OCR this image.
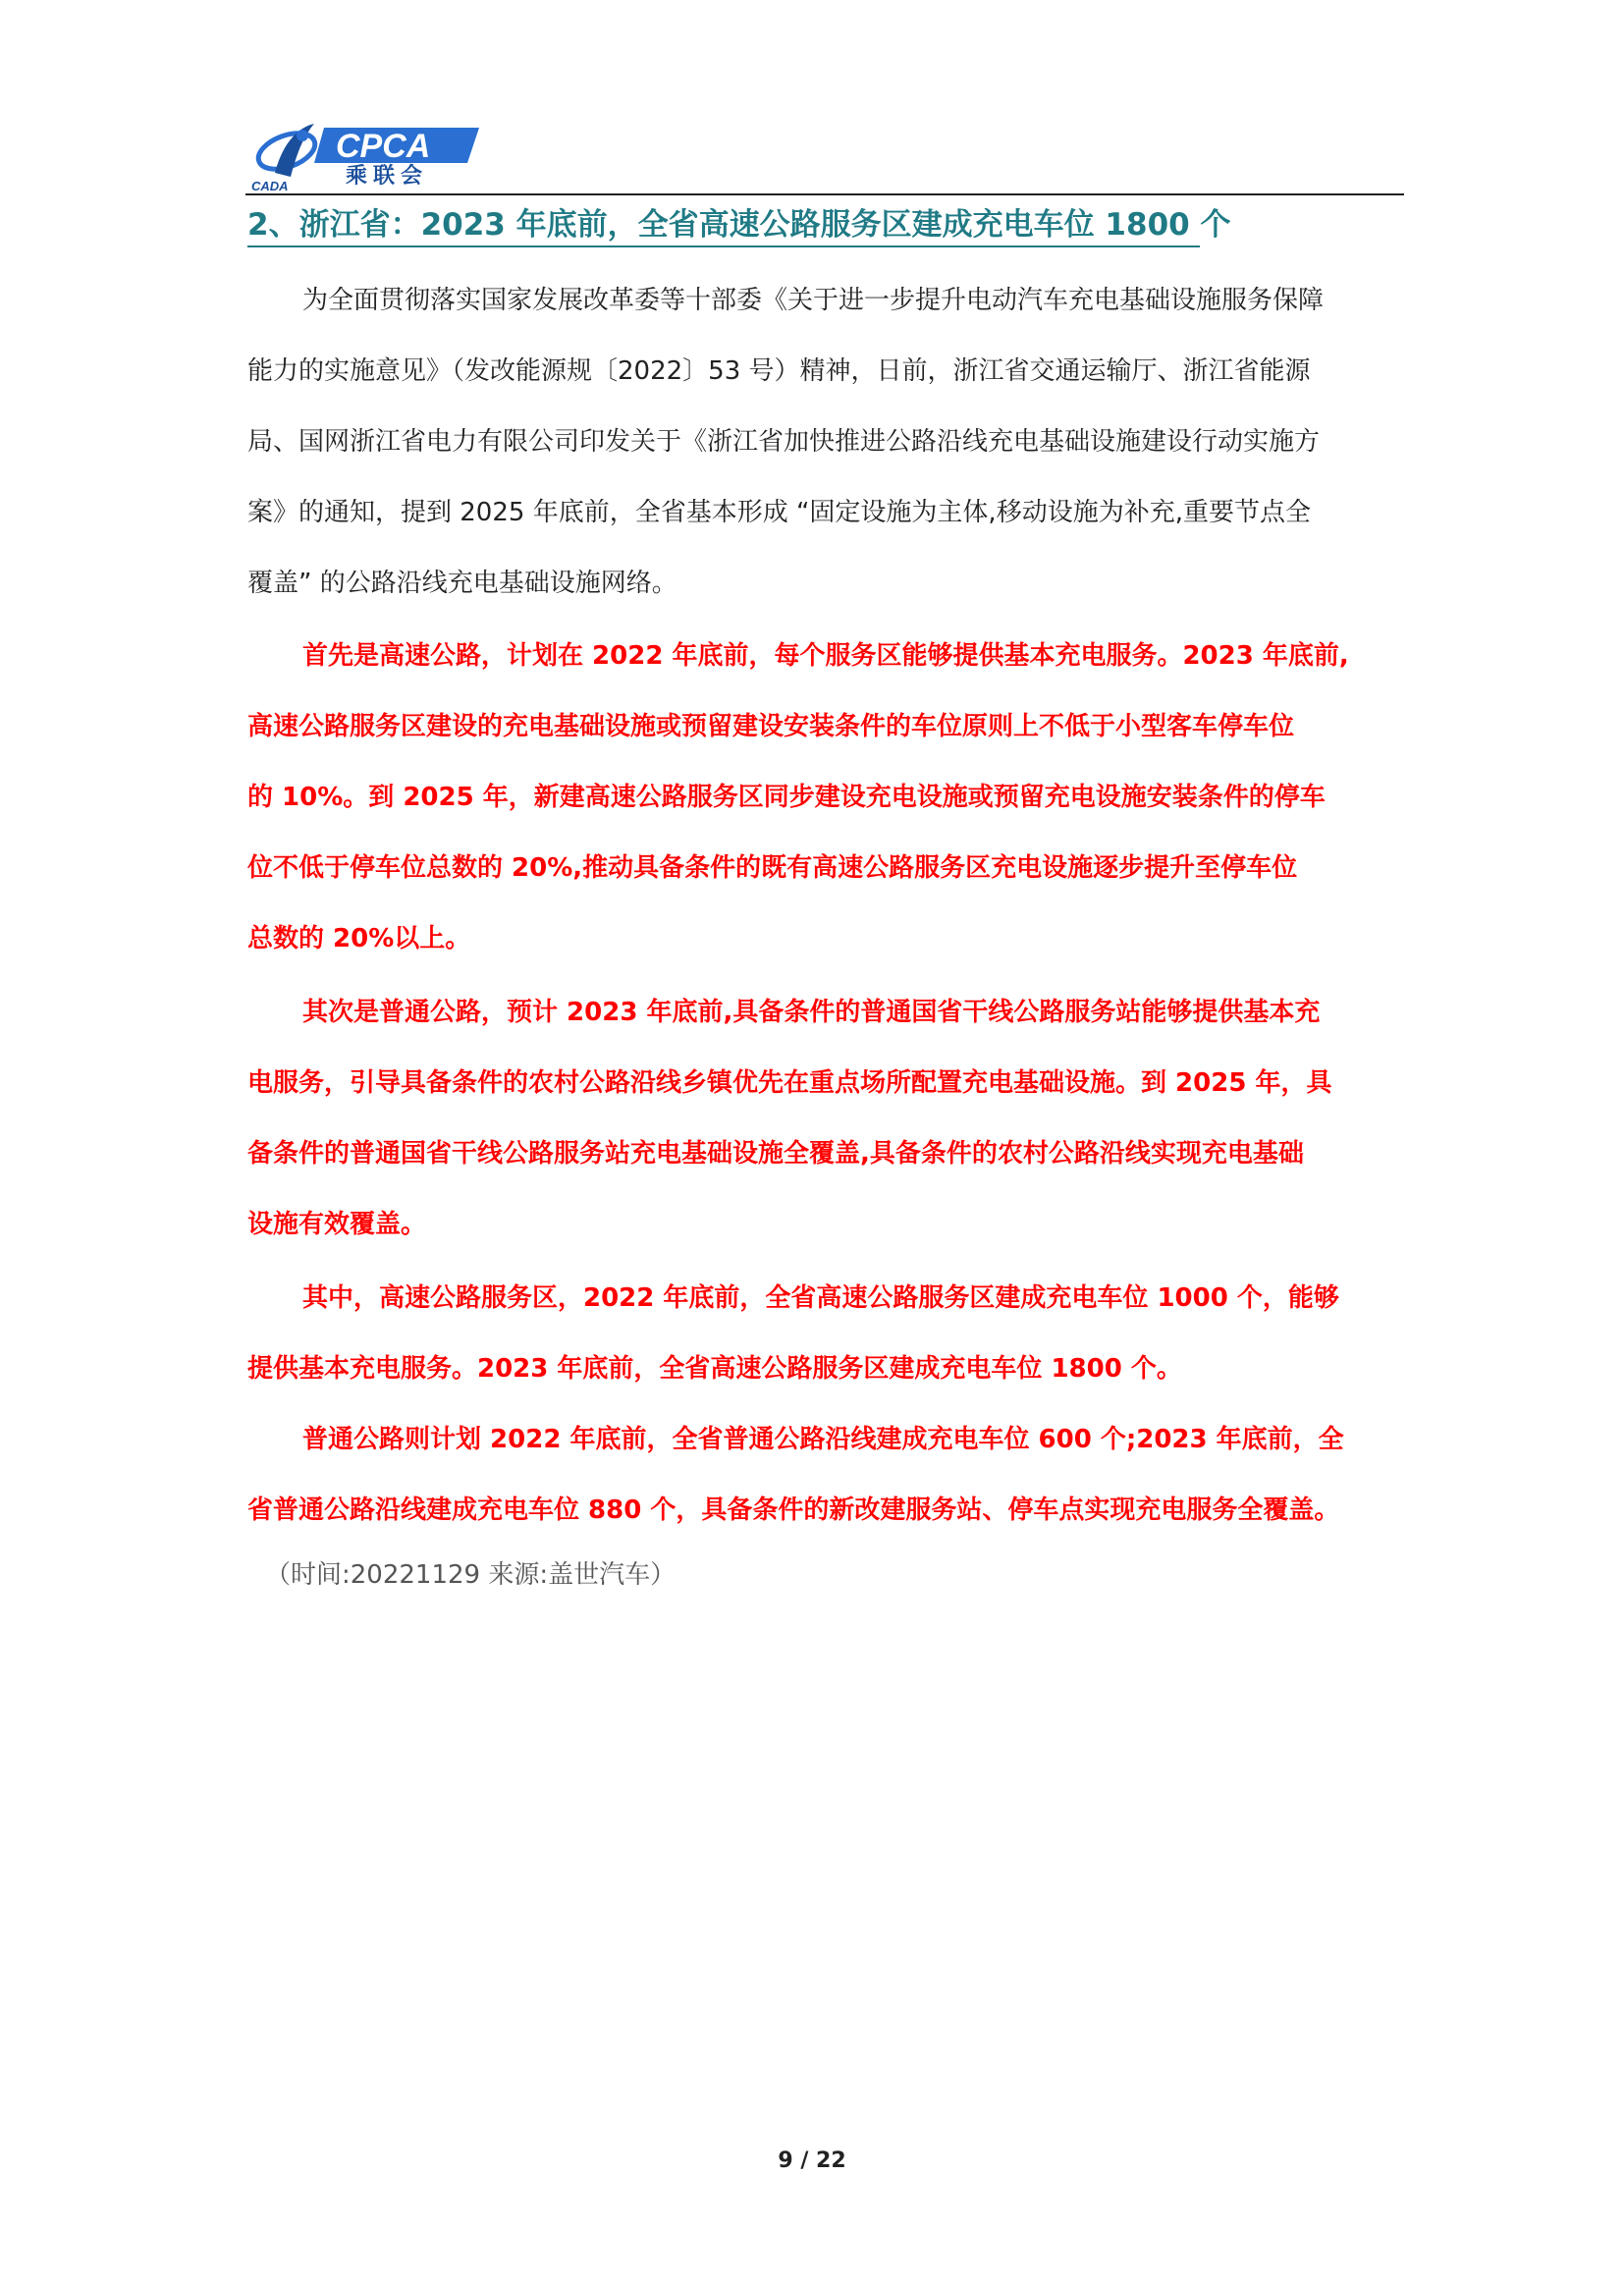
CPCA
CADA	乘联会
2、浙江省：2023 年底前，全省高速公路服务区建成充电车位 1800 个
为全面贯彻落实国家发展改革委等十部委《关于进一步提升电动汽车充电基础设施服务保障
能力的实施意见》（发改能源规〔2022〕53 号）精神，日前，浙江省交通运输厅、浙江省能源
局、国网浙江省电力有限公司印发关于《浙江省加快推进公路沿线充电基础设施建设行动实施方
案》的通知，提到 2025 年底前，全省基本形成 “固定设施为主体,移动设施为补充,重要节点全
覆盖” 的公路沿线充电基础设施网络。
首先是高速公路，计划在 2022 年底前，每个服务区能够提供基本充电服务。2023 年底前,
高速公路服务区建设的充电基础设施或预留建设安装条件的车位原则上不低于小型客车停车位
的 10%。到 2025 年，新建高速公路服务区同步建设充电设施或预留充电设施安装条件的停车
位不低于停车位总数的 20%,推动具备条件的既有高速公路服务区充电设施逐步提升至停车位
总数的 20%以上。
其次是普通公路，预计 2023 年底前,具备条件的普通国省干线公路服务站能够提供基本充
电服务，引导具备条件的农村公路沿线乡镇优先在重点场所配置充电基础设施。到 2025 年，具
备条件的普通国省干线公路服务站充电基础设施全覆盖,具备条件的农村公路沿线实现充电基础
设施有效覆盖。
其中，高速公路服务区，2022 年底前，全省高速公路服务区建成充电车位 1000 个，能够
提供基本充电服务。2023 年底前，全省高速公路服务区建成充电车位 1800 个。
普通公路则计划 2022 年底前，全省普通公路沿线建成充电车位 600 个;2023 年底前，全
省普通公路沿线建成充电车位 880 个，具备条件的新改建服务站、停车点实现充电服务全覆盖。
（时间:20221129 来源:盖世汽车）
9 / 22
